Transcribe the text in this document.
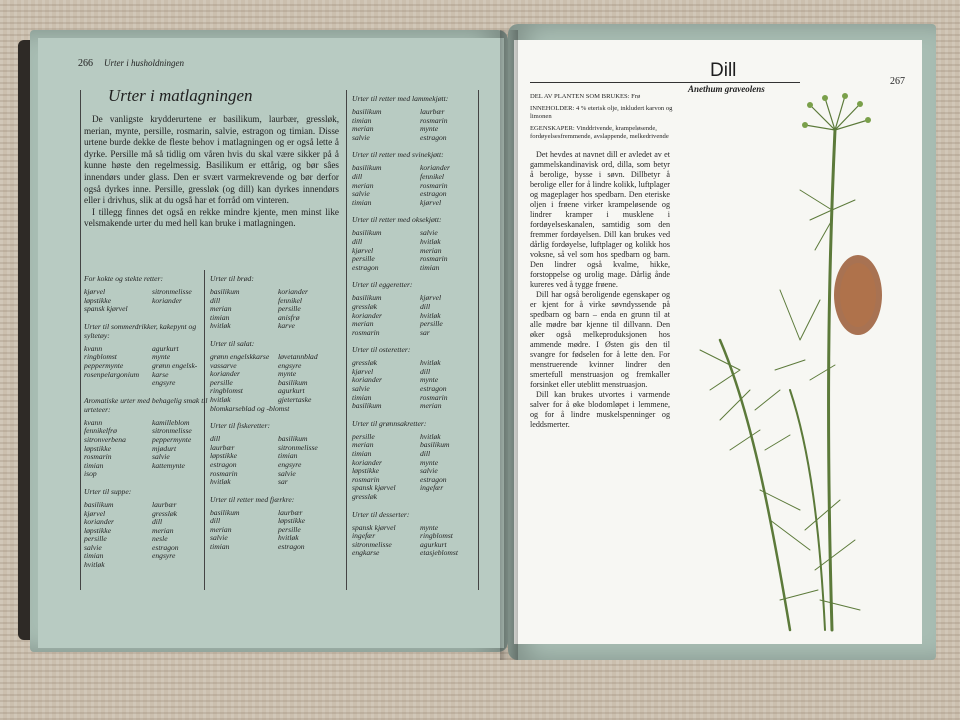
266 Urter i husholdningen
Urter i matlagningen

De vanligste krydderurtene er basilikum, laurbær, gressløk, merian, mynte, persille, rosmarin, salvie, estragon og timian. Disse urtene burde dekke de fleste behov i matlagningen og er også lette å dyrke. Persille må så tidlig om våren hvis du skal være sikker på å kunne høste den regelmessig. Basilikum er ettårig, og bør sâes innendørs under glass. Den er svært varmekrevende og bør derfor også dyrkes inne. Persille, gressløk (og dill) kan dyrkes innendørs eller i drivhus, slik at du også har et forråd om vinteren.

I tillegg finnes det også en rekke mindre kjente, men minst like velsmakende urter du med hell kan bruke i matlagningen.

For kokte og stekte retter:
kjørvel
løpstikke
spansk kjørvel
sitronmelisse
koriander
Urter til sommerdrikker, kakepynt og syltetøy:
kvann
ringblomst
peppermynte
rosenpelargonium
agurkurt
mynte
grønn engelsk-
karse
engsyre
Aromatiske urter med behagelig smak til urteteer:
kvann
fennikelfrø
sitronverbena
løpstikke
rosmarin
timian
isop
kamilleblom
sitronmelisse
peppermynte
mjødurt
salvie
kattemynte
Urter til suppe:
basilikum
kjørvel
koriander
løpstikke
persille
salvie
timian
hvitløk
laurbær
gressløk
dill
merian
nesle
estragon
engsyre
Urter til brød:
basilikum
dill
merian
timian
hvitløk
koriander
fennikel
persille
anisfrø
karve
Urter til salat:
grønn engelskkarse
vassarve
koriander
persille
ringblomst
hvitløk
blomkarseblad og -blomst
løvetannblad
engsyre
mynte
basilikum
agurkurt
gjetertaske
Urter til fiskeretter:
dill
laurbær
løpstikke
estragon
rosmarin
hvitløk
basilikum
sitronmelisse
timian
engsyre
salvie
sar
Urter til retter med fjærkre:
basilikum
dill
merian
salvie
timian
laurbær
løpstikke
persille
hvitløk
estragon
Urter til retter med lammekjøtt:
basilikum
timian
merian
salvie
laurbær
rosmarin
mynte
estragon
Urter til retter med svinekjøtt:
basilikum
dill
merian
salvie
timian
koriander
fennikel
rosmarin
estragon
kjørvel
Urter til retter med oksekjøtt:
basilikum
dill
kjørvel
persille
estragon
salvie
hvitløk
merian
rosmarin
timian
Urter til eggeretter:
basilikum
gressløk
koriander
merian
rosmarin
kjørvel
dill
hvitløk
persille
sar
Urter til osteretter:
gressløk
kjørvel
koriander
salvie
timian
basilikum
hvitløk
dill
mynte
estragon
rosmarin
merian
Urter til grønnsakretter:
persille
merian
timian
koriander
løpstikke
rosmarin
spansk kjørvel
gressløk
hvitløk
basilikum
dill
mynte
salvie
estragon
ingefær
Urter til desserter:
spansk kjørvel
ingefær
sitronmelisse
engkarse
mynte
ringblomst
agurkurt
etasjeblomst
Dill
267
Anethum graveolens
DEL AV PLANTEN SOM BRUKES: Frø
INNEHOLDER: 4 % eterisk olje, inkludert karvon og limonen
EGENSKAPER: Vinddrivende, krampeløsende, fordøyelsesfremmende, avslappende, melkedrivende

Det hevdes at navnet dill er avledet av et gammelskandinavisk ord, dilla, som betyr å berolige, bysse i søvn. Dillbetyr å berolige eller for å lindre kolikk, luftplager og mageplager hos spedbarn. Den eteriske oljen i frøene virker krampeløsende og lindrer kramper i musklene i fordøyelseskanalen, samtidig som den fremmer fordøyelsen. Dill kan brukes ved dårlig fordøyelse, luftplager og kolikk hos voksne, så vel som hos spedbarn og barn. Den lindrer også kvalme, hikke, forstoppelse og urolig mage. Dårlig ånde kureres ved å tygge frøene.

Dill har også beroligende egenskaper og er kjent for å virke søvndyssende på spedbarn og barn – enda en grunn til at alle mødre bør kjenne til dillvann. Den øker også melkeproduksjonen hos ammende mødre. I Østen gis den til svangre for fødselen for å lette den. For menstruerende kvinner lindrer den smertefull menstruasjon og fremkaller forsinket eller uteblitt menstruasjon.

Dill kan brukes utvortes i varmende salver for å øke blodomløpet i lemmene, og for å lindre muskelspenninger og leddsmerter.
